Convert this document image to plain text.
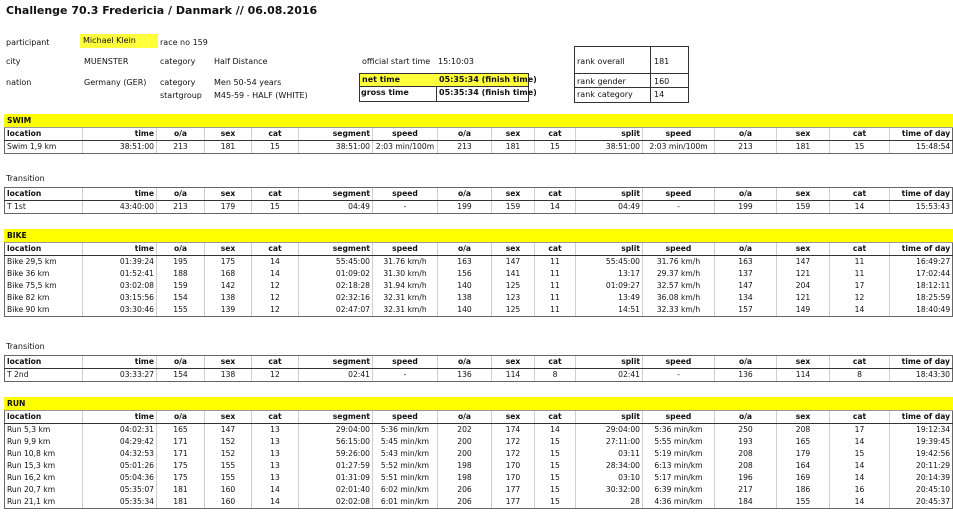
Challenge 70.3 Fredericia / Danmark // 06.08.2016
participant	Michael Klein	race no 159
city	MUENSTER	category Half Distance	official start time 15:10:03
nation	Germany (GER) category Men 50-54 years
startgroup M45-59 - HALF (WHITE)
net time	05:35:34 (finish time)
gross time	05:35:34 (finish time)
rank overall	181
rank gender	160
rank category	14
SWIM															
location	time	o/a	sex	cat	segment	speed	o/a	sex	cat	split	speed	o/a	sex	cat	time of day
Swim 1,9 km	38:51:00	213	181	15	38:51:00	2:03 min/100m	213	181	15	38:51:00	2:03 min/100m	213	181	15	15:48:54
Transition
location	time	o/a	sex	cat	segment	speed	o/a	sex	cat	split	speed	o/a	sex	cat	time of day
T 1st	43:40:00	213	179	15	04:49	-	199	159	14	04:49	-	199	159	14	15:53:43
BIKE															
location	time	o/a	sex	cat	segment	speed	o/a	sex	cat	split	speed	o/a	sex	cat	time of day
Bike 29,5 km	01:39:24	195	175	14	55:45:00	31.76 km/h	163	147	11	55:45:00	31.76 km/h	163	147	11	16:49:27
Bike 36 km	01:52:41	188	168	14	01:09:02	31.30 km/h	156	141	11	13:17	29.37 km/h	137	121	11	17:02:44
Bike 75,5 km	03:02:08	159	142	12	02:18:28	31.94 km/h	140	125	11	01:09:27	32.57 km/h	147	204	17	18:12:11
Bike 82 km	03:15:56	154	138	12	02:32:16	32.31 km/h	138	123	11	13:49	36.08 km/h	134	121	12	18:25:59
Bike 90 km	03:30:46	155	139	12	02:47:07	32.31 km/h	140	125	11	14:51	32.33 km/h	157	149	14	18:40:49
Transition
location	time	o/a	sex	cat	segment	speed	o/a	sex	cat	split	speed	o/a	sex	cat	time of day
T 2nd	03:33:27	154	138	12	02:41	-	136	114	8	02:41	-	136	114	8	18:43:30
RUN															
location	time	o/a	sex	cat	segment	speed	o/a	sex	cat	split	speed	o/a	sex	cat	time of day
Run 5,3 km	04:02:31	165	147	13	29:04:00	5:36 min/km	202	174	14	29:04:00	5:36 min/km	250	208	17	19:12:34
Run 9,9 km	04:29:42	171	152	13	56:15:00	5:45 min/km	200	172	15	27:11:00	5:55 min/km	193	165	14	19:39:45
Run 10,8 km	04:32:53	171	152	13	59:26:00	5:43 min/km	200	172	15	03:11	5:19 min/km	208	179	15	19:42:56
Run 15,3 km	05:01:26	175	155	13	01:27:59	5:52 min/km	198	170	15	28:34:00	6:13 min/km	208	164	14	20:11:29
Run 16,2 km	05:04:36	175	155	13	01:31:09	5:51 min/km	198	170	15	03:10	5:17 min/km	196	169	14	20:14:39
Run 20,7 km	05:35:07	181	160	14	02:01:40	6:02 min/km	206	177	15	30:32:00	6:39 min/km	217	186	16	20:45:10
Run 21,1 km	05:35:34	181	160	14	02:02:08	6:01 min/km	206	177	15	28	4:36 min/km	184	155	14	20:45:37
